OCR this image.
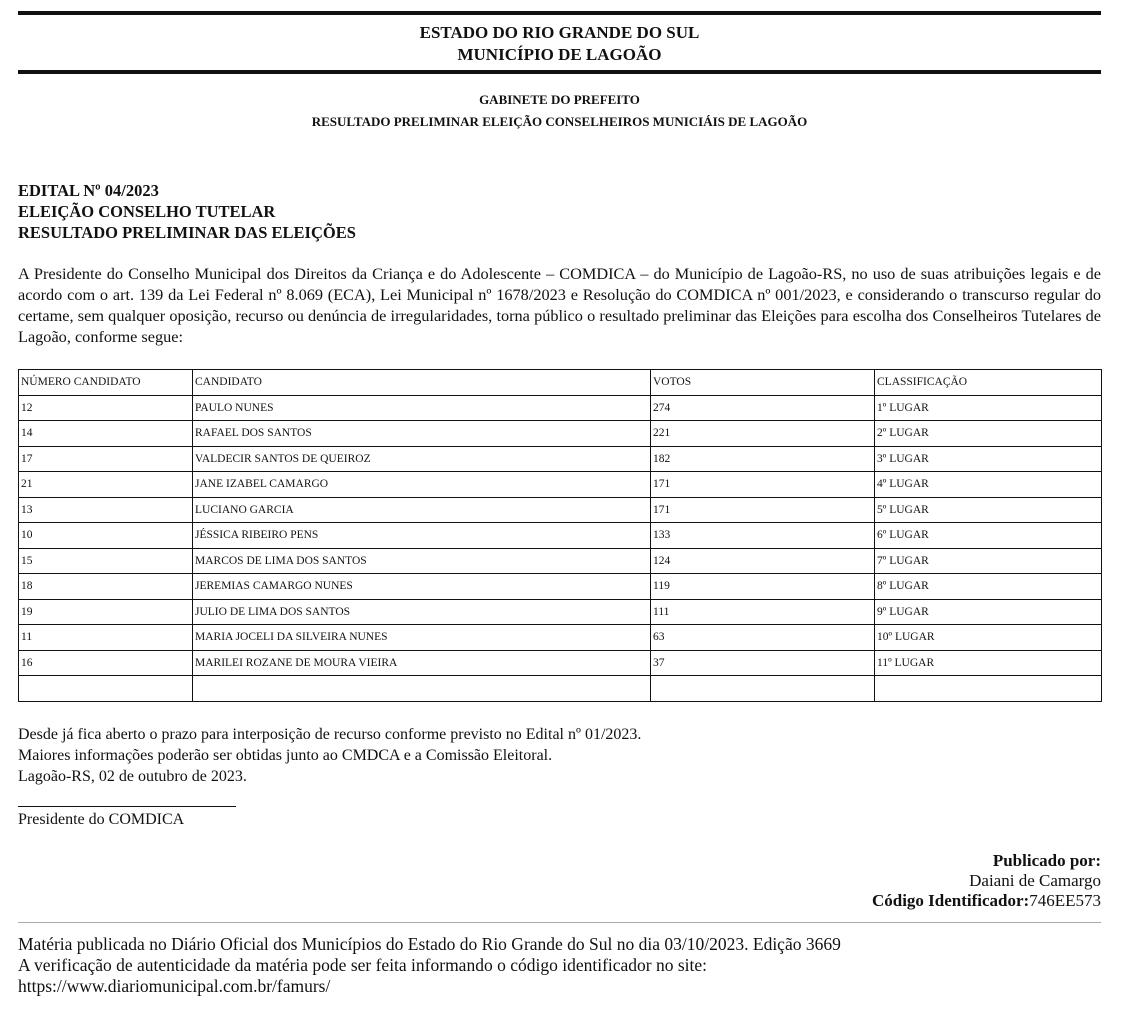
ESTADO DO RIO GRANDE DO SUL
MUNICÍPIO DE LAGOÃO
GABINETE DO PREFEITO
RESULTADO PRELIMINAR ELEIÇÃO CONSELHEIROS MUNICIÁIS DE LAGOÃO
EDITAL Nº 04/2023
ELEIÇÃO CONSELHO TUTELAR
RESULTADO PRELIMINAR DAS ELEIÇÕES
A Presidente do Conselho Municipal dos Direitos da Criança e do Adolescente – COMDICA – do Município de Lagoão-RS, no uso de suas atribuições legais e de acordo com o art. 139 da Lei Federal nº 8.069 (ECA), Lei Municipal nº 1678/2023 e Resolução do COMDICA nº 001/2023, e considerando o transcurso regular do certame, sem qualquer oposição, recurso ou denúncia de irregularidades, torna público o resultado preliminar das Eleições para escolha dos Conselheiros Tutelares de Lagoão, conforme segue:
NÚMERO CANDIDATO	CANDIDATO	VOTOS	CLASSIFICAÇÃO
12	PAULO NUNES	274	1º LUGAR
14	RAFAEL DOS SANTOS	221	2º LUGAR
17	VALDECIR SANTOS DE QUEIROZ	182	3º LUGAR
21	JANE IZABEL CAMARGO	171	4º LUGAR
13	LUCIANO GARCIA	171	5º LUGAR
10	JÉSSICA RIBEIRO PENS	133	6º LUGAR
15	MARCOS DE LIMA DOS SANTOS	124	7º LUGAR
18	JEREMIAS CAMARGO NUNES	119	8º LUGAR
19	JULIO DE LIMA DOS SANTOS	111	9º LUGAR
11	MARIA JOCELI DA SILVEIRA NUNES	63	10º LUGAR
16	MARILEI ROZANE DE MOURA VIEIRA	37	11º LUGAR

Desde já fica aberto o prazo para interposição de recurso conforme previsto no Edital nº 01/2023.
Maiores informações poderão ser obtidas junto ao CMDCA e a Comissão Eleitoral.
Lagoão-RS, 02 de outubro de 2023.
Presidente do COMDICA
Publicado por:
Daiani de Camargo
Código Identificador:746EE573
Matéria publicada no Diário Oficial dos Municípios do Estado do Rio Grande do Sul no dia 03/10/2023. Edição 3669
A verificação de autenticidade da matéria pode ser feita informando o código identificador no site:
https://www.diariomunicipal.com.br/famurs/
